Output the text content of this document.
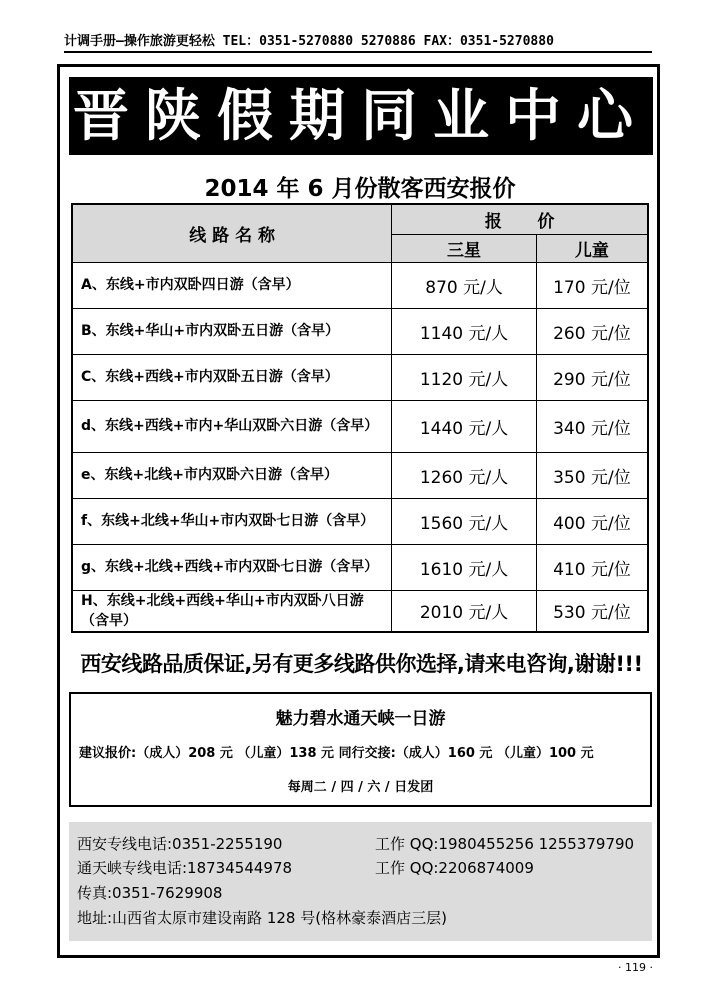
计调手册—操作旅游更轻松 TEL：0351-5270880 5270886 FAX：0351-5270880
晋陕假期同业中心
2014 年 6 月份散客西安报价
线 路 名 称	报      价	
	三星	儿童
A、东线+市内双卧四日游（含早）	870 元/人	170 元/位
B、东线+华山+市内双卧五日游（含早）	1140 元/人	260 元/位
C、东线+西线+市内双卧五日游（含早）	1120 元/人	290 元/位
d、东线+西线+市内+华山双卧六日游（含早）	1440 元/人	340 元/位
e、东线+北线+市内双卧六日游（含早）	1260 元/人	350 元/位
f、东线+北线+华山+市内双卧七日游（含早）	1560 元/人	400 元/位
g、东线+北线+西线+市内双卧七日游（含早）	1610 元/人	410 元/位
H、东线+北线+西线+华山+市内双卧八日游（含早）	2010 元/人	530 元/位
西安线路品质保证,另有更多线路供你选择,请来电咨询,谢谢!!!
魅力碧水通天峡一日游
建议报价:（成人）208 元 （儿童）138 元 同行交接:（成人）160 元 （儿童）100 元
每周二 / 四 / 六 / 日发团
西安专线电话:0351-2255190	工作 QQ:1980455256 1255379790
通天峡专线电话:18734544978	工作 QQ:2206874009
传真:0351-7629908
地址:山西省太原市建设南路 128 号(格林豪泰酒店三层)
· 119 ·
